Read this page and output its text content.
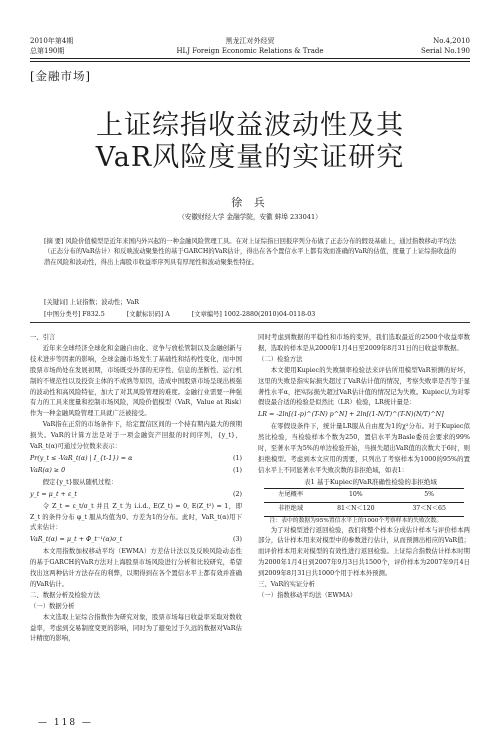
2010年第4期
总第190期
黑龙江对外经贸
HLJ Foreign Economic Relations & Trade
No.4,2010
Serial No.190
[金融市场]
上证综指收益波动性及其
VaR风险度量的实证研究
徐 兵
（安徽财经大学 金融学院，安徽 蚌埠 233041）
[摘 要] 风险价值模型是近年来国内外兴起的一种金融风险管理工具。在对上证综指日回报序列分布做了正态分布的假设基础上，通过指数移动平均法（正态分布的VaR估计）和反映波动聚集性的基于GARCH的VaR估计，得出在各个置信水平上都有效而准确的VaR的估值，度量了上证综指收益的潜在风险和波动性，得出上海股市收益率序列具有厚尾性和波动聚集性特征。
[关键词] 上证指数；波动性；VaR
[中图分类号] F832.5	[文献标识码] A	[文章编号] 1002-2880(2010)04-0118-03

一、引言

近年来全球经济全球化和金融自由化、竞争与放松管制以及金融创新与技术进步等因素的影响，全球金融市场发生了基础性和结构性变化，而中国股票市场尚处在发展初期，市场既受外部的无序性、信息的垄断性、运行机制的不规范性以及投资主体的不成熟等原因，造成中国股票市场呈现出极强的波动性和高风险特征，加大了对其风险管理的难度。金融行业需要一种强有力的工具来度量和控制市场风险，风险价值模型（VaR，Value at Risk）作为一种金融风险管理工具就广泛被接受。

VaR指在正常的市场条件下，给定置信区间的一个持有期内最大的预期损失。VaR的计算方法是对于一项金融资产回报的时间序列，{y_t}，VaR_t(α)可通过分位数来表示：

Pr(y_t ≤ -VaR_t(α) | I_{t-1}) = α	(1)
VaR(α) ≥ 0	(1)

假定{y_t}服从随机过程：

y_t = μ_t + ε_t	(2)

令 Z_t = ε_t/σ_t 并且 Z_t 为 i.i.d., E(Z_t) = 0, E(Z_t²) = 1，即 Z_t 的条件分布 φ_t 服从均值为0、方差为1的分布。此时，VaR_t(α)用下式来估计：

VaR_t(α) = μ_t + Φ_t⁻¹(α)σ_t	(3)

本文用指数加权移动平均（EWMA）方差估计法以及反映风险动态性的基于GARCH的VaR方法对上海股票市场风险进行分析和比较研究，希望找出这两种估计方法存在的利弊，以期得到在各个置信水平上都有效并准确的VaR估计。

二、数据分析及检验方法

（一）数据分析

本文选取上证综合指数作为研究对象，股票市场每日收益率采取对数收益率，考虑到交易制度变更的影响，同时为了避免过于久远的数据对VaR估计精度的影响，

同时考虑到数据的平稳性和市场的变异，我们选取最近的2500个收益率数据，选取的样本是从2000年1月4日至2009年8月31日的日收益率数据。

（二）检验方法

本文使用Kupiec的失败频率检验法来评估所用模型VaR预测的好坏，这里的失败是指实际损失超过了VaR估计值的情况，考察失败率是否等于显著性水平α，把实际损失超过VaR估计值的情况记为失败。Kupiec认为对零假设最合适的检验是似然比（LR）检验，LR统计量是：

LR = -2ln[(1-p)^(T-N) p^N] + 2ln[(1-N/T)^(T-N)(N/T)^N]

在零假设条件下，统计量LR服从自由度为1的χ²分布。对于Kupiec似然比检验，当检验样本个数为250，置信水平为Basle委员会要求的99%时，至著水平为5%的单边检验开始，当损失超出VaR值的次数大于6时，则拒绝模型。考虑到本文应用的需要，只列出了考察样本为1000的95%的置信水平上不同显著水平失败次数的非拒绝域，如表1：

表1 基于Kupiec的VaR准确性检验的非拒绝域

左尾概率	10%	5%
非拒绝域	81＜N＜120	37＜N＜65

注：表中的数据为95%置信水平上的1000个考察样本的失败次数。

为了对模型进行返回检验，我们将整个样本分成估计样本与评价样本两部分，估计样本用来对模型中的参数进行估计，从而预测出相应的VaR值；而评价样本用来对模型的有效性进行返回检验。上证综合指数估计样本时期为2000年1月4日到2007年9月3日共1500个，评价样本为2007年9月4日到2009年8月31日共1000个用于样本外预测。

三、VaR的实证分析

（一）指数移动平均法（EWMA）

— 118 —
